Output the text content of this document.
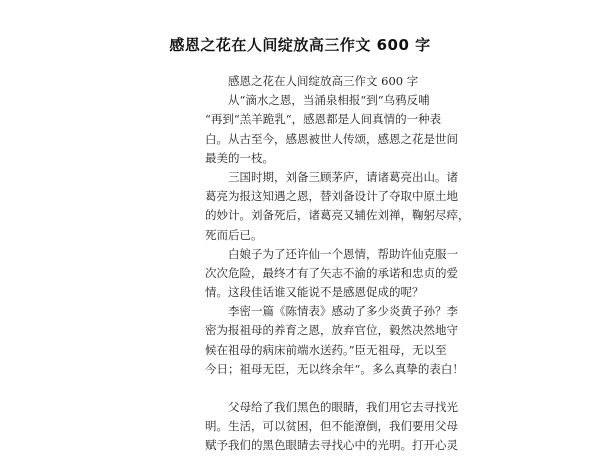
感恩之花在人间绽放高三作文 600 字
感恩之花在人间绽放高三作文 600 字
从“滴水之恩，当涌泉相报“到“乌鸦反哺
“再到“羔羊跪乳“，感恩都是人间真情的一种表
白。从古至今，感恩被世人传颂，感恩之花是世间
最美的一枝。
三国时期，刘备三顾茅庐，请诸葛亮出山。诸
葛亮为报这知遇之恩，替刘备设计了夺取中原土地
的妙计。刘备死后，诸葛亮又辅佐刘禅，鞠躬尽瘁，
死而后已。
白娘子为了还许仙一个恩情，帮助许仙克服一
次次危险，最终才有了矢志不渝的承诺和忠贞的爱
情。这段佳话谁又能说不是感恩促成的呢？
李密一篇《陈情表》感动了多少炎黄子孙？李
密为报祖母的养育之恩，放弃官位，毅然决然地守
候在祖母的病床前端水送药。”臣无祖母，无以至
今日；祖母无臣，无以终余年“。多么真挚的表白！
父母给了我们黑色的眼睛，我们用它去寻找光
明。生活，可以贫困，但不能潦倒，我们要用父母
赋予我们的黑色眼睛去寻找心中的光明。打开心灵
